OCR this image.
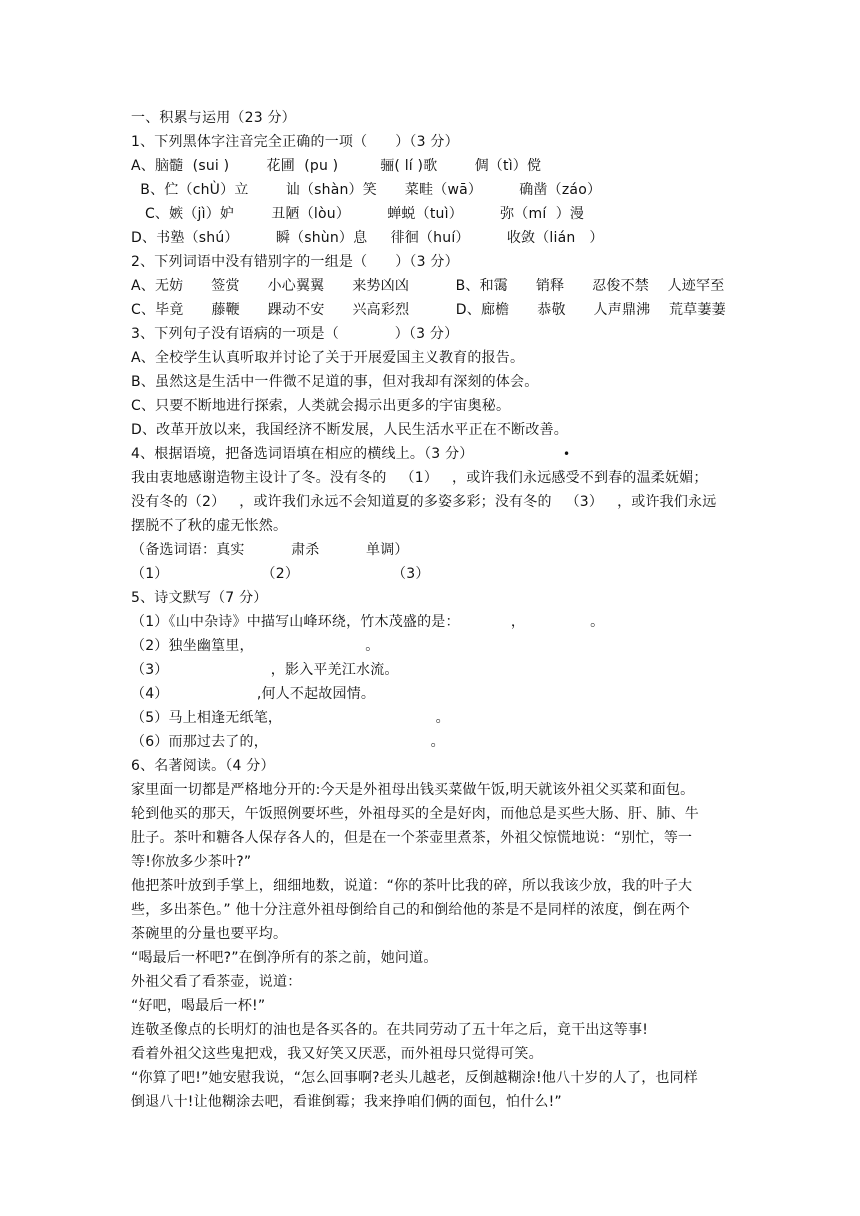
一、积累与运用（23 分）
1、下列黑体字注音完全正确的一项（      ）（3 分）
A、脑髓  (sui )        花圃  (pu )         骊( lí )歌        倜（tì）傥
B、伫（chÙ）立        讪（shàn）笑      菜畦（wā）        确凿（záo）
C、嫉（jì）妒        丑陋（lòu）        蝉蜕（tuì）        弥（mí  ）漫
D、书塾（shú）        瞬（shùn）息     徘徊（huí）        收敛（lián   ）
2、下列词语中没有错别字的一组是（      ）（3 分）
A、无妨      签赏      小心翼翼      来势凶凶          B、和霭      销释      忍俊不禁    人迹罕至
C、毕竟      藤鞭      踝动不安      兴高彩烈          D、廊檐      恭敬      人声鼎沸    荒草萋萋
3、下列句子没有语病的一项是（            ）（3 分）
A、全校学生认真听取并讨论了关于开展爱国主义教育的报告。
B、虽然这是生活中一件微不足道的事，但对我却有深刻的体会。
C、只要不断地进行探索，人类就会揭示出更多的宇宙奥秘。
D、改革开放以来，我国经济不断发展，人民生活水平正在不断改善。
4、根据语境，把备选词语填在相应的横线上。（3 分）	•
我由衷地感谢造物主设计了冬。没有冬的   （1）   ，或许我们永远感受不到春的温柔妩媚；
没有冬的（2）   ，或许我们永远不会知道夏的多姿多彩；没有冬的   （3）   ，或许我们永远
摆脱不了秋的虚无怅然。
（备选词语：真实          肃杀          单调）
（1）                    （2）                    （3）
5、诗文默写（7 分）
（1）《山中杂诗》中描写山峰环绕，竹木茂盛的是：           ，              。
（2）独坐幽篁里，                        。
（3）                      ，影入平羌江水流。
（4）                   ,何人不起故园情。
（5）马上相逢无纸笔，                                 。
（6）而那过去了的，                                   。
6、名著阅读。（4 分）
家里面一切都是严格地分开的:今天是外祖母出钱买菜做午饭,明天就该外祖父买菜和面包。
轮到他买的那天，午饭照例要坏些，外祖母买的全是好肉，而他总是买些大肠、肝、肺、牛
肚子。茶叶和糖各人保存各人的，但是在一个茶壶里煮茶，外祖父惊慌地说：“别忙，等一
等!你放多少茶叶?”
他把茶叶放到手掌上，细细地数，说道：“你的茶叶比我的碎，所以我该少放，我的叶子大
些，多出茶色。” 他十分注意外祖母倒给自己的和倒给他的茶是不是同样的浓度，倒在两个
茶碗里的分量也要平均。
“喝最后一杯吧?”在倒净所有的茶之前，她问道。
外祖父看了看茶壶，说道：
“好吧，喝最后一杯!”
连敬圣像点的长明灯的油也是各买各的。在共同劳动了五十年之后，竟干出这等事!
看着外祖父这些鬼把戏，我又好笑又厌恶，而外祖母只觉得可笑。
“你算了吧!”她安慰我说，“怎么回事啊?老头儿越老，反倒越糊涂!他八十岁的人了，也同样
倒退八十!让他糊涂去吧，看谁倒霉；我来挣咱们俩的面包，怕什么!”
